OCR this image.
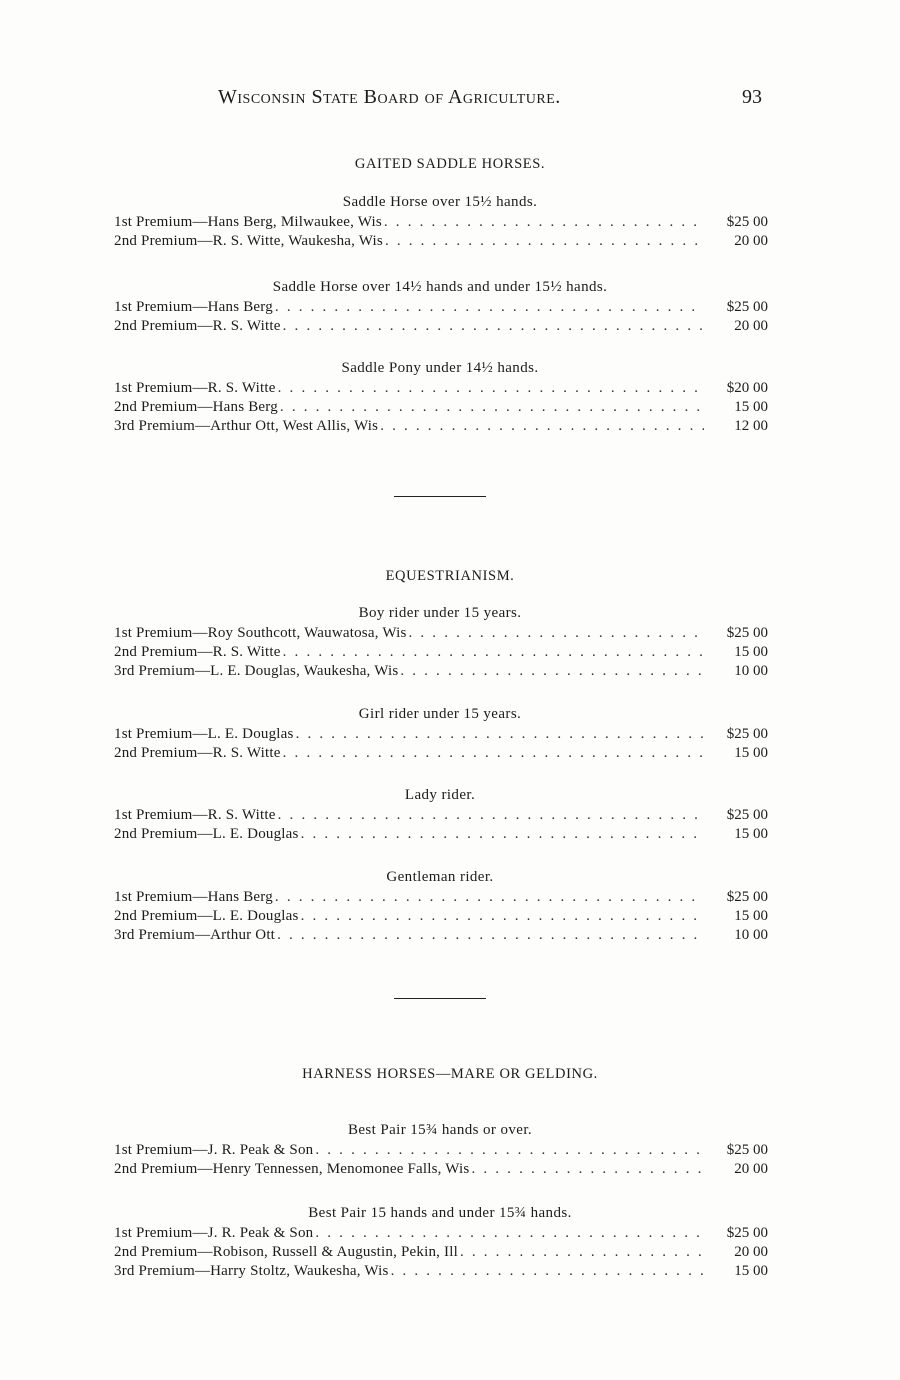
Wisconsin State Board of Agriculture.	93
GAITED SADDLE HORSES.
Saddle Horse over 15½ hands.
1st Premium—Hans Berg, Milwaukee, Wis . . .	$25 00
2nd Premium—R. S. Witte, Waukesha, Wis . . .	20 00
Saddle Horse over 14½ hands and under 15½ hands.
1st Premium—Hans Berg . . .	$25 00
2nd Premium—R. S. Witte . . .	20 00
Saddle Pony under 14½ hands.
1st Premium—R. S. Witte . . .	$20 00
2nd Premium—Hans Berg . . .	15 00
3rd Premium—Arthur Ott, West Allis, Wis . . .	12 00
EQUESTRIANISM.
Boy rider under 15 years.
1st Premium—Roy Southcott, Wauwatosa, Wis . . .	$25 00
2nd Premium—R. S. Witte . . .	15 00
3rd Premium—L. E. Douglas, Waukesha, Wis . . .	10 00
Girl rider under 15 years.
1st Premium—L. E. Douglas . . .	$25 00
2nd Premium—R. S. Witte . . .	15 00
Lady rider.
1st Premium—R. S. Witte . . .	$25 00
2nd Premium—L. E. Douglas . . .	15 00
Gentleman rider.
1st Premium—Hans Berg . . .	$25 00
2nd Premium—L. E. Douglas . . .	15 00
3rd Premium—Arthur Ott . . .	10 00
HARNESS HORSES—MARE OR GELDING.
Best Pair 15¾ hands or over.
1st Premium—J. R. Peak & Son . . .	$25 00
2nd Premium—Henry Tennessen, Menomonee Falls, Wis . . .	20 00
Best Pair 15 hands and under 15¾ hands.
1st Premium—J. R. Peak & Son . . .	$25 00
2nd Premium—Robison, Russell & Augustin, Pekin, Ill . . .	20 00
3rd Premium—Harry Stoltz, Waukesha, Wis . . .	15 00
